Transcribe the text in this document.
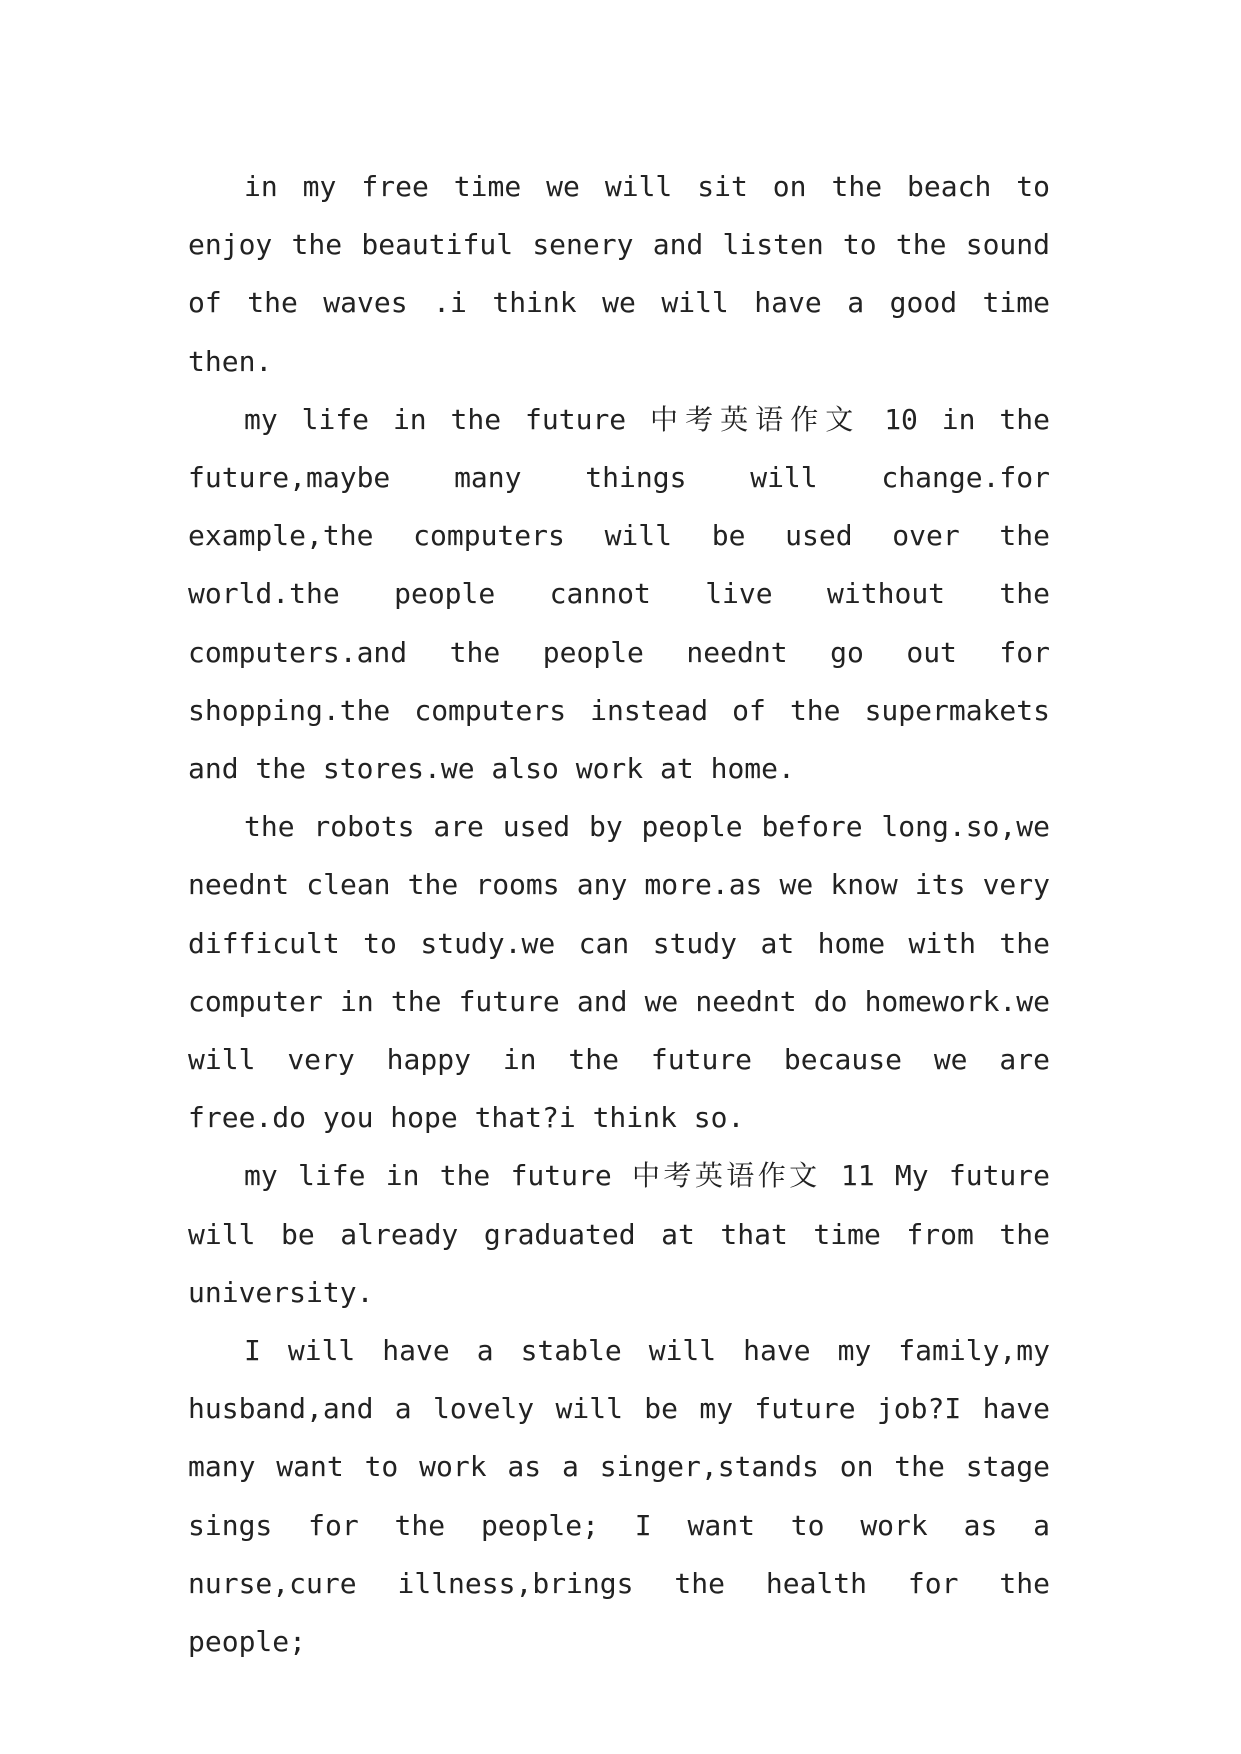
in my free time we will sit on the beach to enjoy the beautiful senery and listen to the sound of the waves .i think we will have a good time then.

my life in the future 中考英语作文 10 in the future,maybe many things will change.for example,the computers will be used over the world.the people cannot live without the computers.and the people neednt go out for shopping.the computers instead of the supermakets and the stores.we also work at home.

the robots are used by people before long.so,we neednt clean the rooms any more.as we know its very difficult to study.we can study at home with the computer in the future and we neednt do homework.we will very happy in the future because we are free.do you hope that?i think so.

my life in the future 中考英语作文 11 My future will be already graduated at that time from the university.

I will have a stable will have my family,my husband,and a lovely will be my future job?I have many want to work as a singer,stands on the stage sings for the people; I want to work as a nurse,cure illness,brings the health for the people;
